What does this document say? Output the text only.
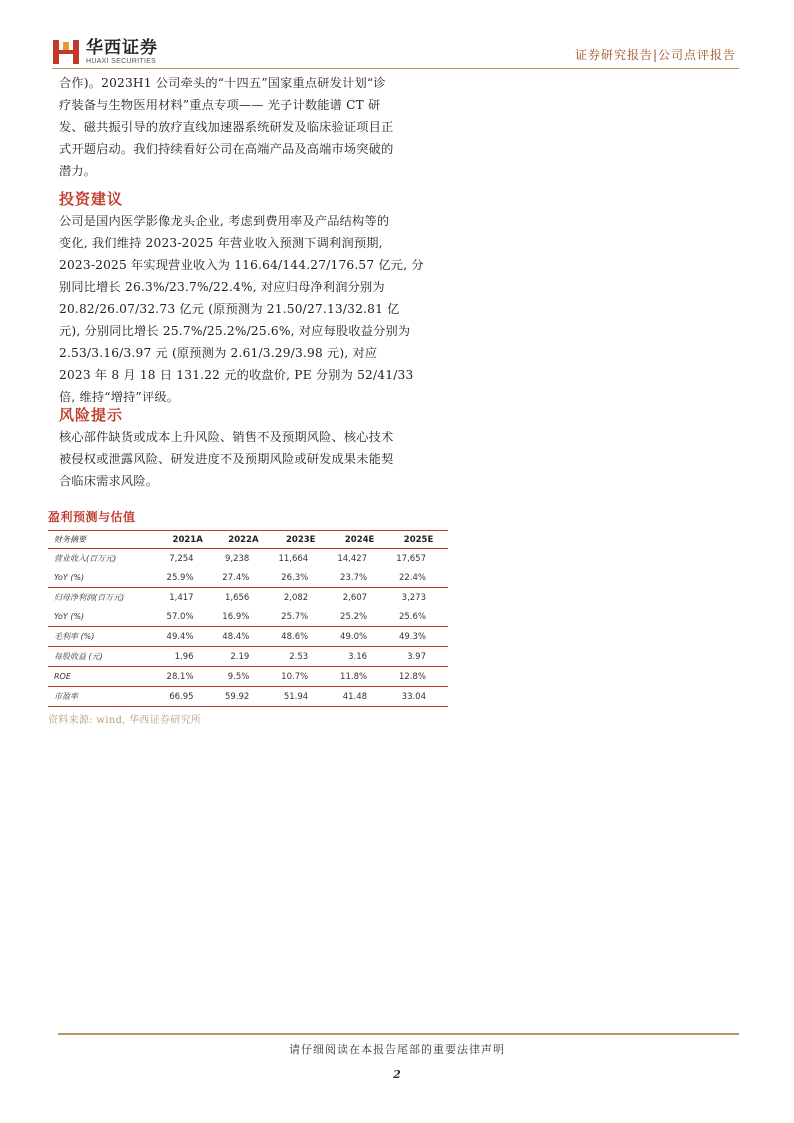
华西证券
HUAXI SECURITIES	证券研究报告|公司点评报告

合作)。2023H1 公司牵头的“十四五”国家重点研发计划“诊

疗装备与生物医用材料”重点专项—— 光子计数能谱 CT 研

发、磁共振引导的放疗直线加速器系统研发及临床验证项目正

式开题启动。我们持续看好公司在高端产品及高端市场突破的

潜力。

投资建议

公司是国内医学影像龙头企业, 考虑到费用率及产品结构等的

变化, 我们维持 2023-2025 年营业收入预测下调利润预期,

2023-2025 年实现营业收入为 116.64/144.27/176.57 亿元, 分

别同比增长 26.3%/23.7%/22.4%, 对应归母净利润分别为

20.82/26.07/32.73 亿元 (原预测为 21.50/27.13/32.81 亿

元), 分别同比增长 25.7%/25.2%/25.6%, 对应每股收益分别为

2.53/3.16/3.97 元 (原预测为 2.61/3.29/3.98 元), 对应

2023 年 8 月 18 日 131.22 元的收盘价, PE 分别为 52/41/33

倍, 维持“增持”评级。

风险提示

核心部件缺货或成本上升风险、销售不及预期风险、核心技术

被侵权或泄露风险、研发进度不及预期风险或研发成果未能契

合临床需求风险。

盈利预测与估值
财务摘要	2021A	2022A	2023E	2024E	2025E
营业收入(百万元)	7,254	9,238	11,664	14,427	17,657
YoY (%)	25.9%	27.4%	26.3%	23.7%	22.4%
归母净利润(百万元)	1,417	1,656	2,082	2,607	3,273
YoY (%)	57.0%	16.9%	25.7%	25.2%	25.6%
毛利率 (%)	49.4%	48.4%	48.6%	49.0%	49.3%
每股收益 (元)	1.96	2.19	2.53	3.16	3.97
ROE	28.1%	9.5%	10.7%	11.8%	12.8%
市盈率	66.95	59.92	51.94	41.48	33.04
资料来源: wind, 华西证券研究所
请仔细阅读在本报告尾部的重要法律声明
2
